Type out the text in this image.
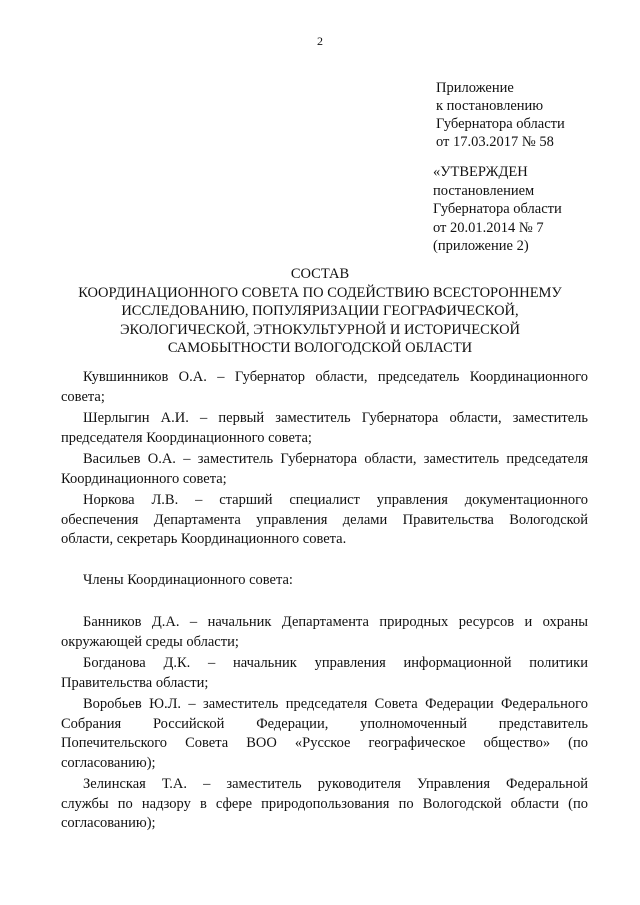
2
Приложение
к постановлению
Губернатора области
от 17.03.2017 № 58
«УТВЕРЖДЕН
постановлением
Губернатора области
от 20.01.2014 № 7
(приложение 2)
СОСТАВ
КООРДИНАЦИОННОГО СОВЕТА ПО СОДЕЙСТВИЮ ВСЕСТОРОННЕМУ
ИССЛЕДОВАНИЮ, ПОПУЛЯРИЗАЦИИ ГЕОГРАФИЧЕСКОЙ,
ЭКОЛОГИЧЕСКОЙ, ЭТНОКУЛЬТУРНОЙ И ИСТОРИЧЕСКОЙ
САМОБЫТНОСТИ ВОЛОГОДСКОЙ ОБЛАСТИ
Кувшинников О.А. – Губернатор области, председатель Координационного
совета;
Шерлыгин А.И. – первый заместитель Губернатора области, заместитель
председателя Координационного совета;
Васильев О.А. – заместитель Губернатора области, заместитель председателя
Координационного совета;
Норкова Л.В. – старший специалист управления документационного
обеспечения Департамента управления делами Правительства Вологодской
области, секретарь Координационного совета.
Члены Координационного совета:
Банников Д.А. – начальник Департамента природных ресурсов и охраны
окружающей среды области;
Богданова Д.К. – начальник управления информационной политики
Правительства области;
Воробьев Ю.Л. – заместитель председателя Совета Федерации Федерального
Собрания Российской Федерации, уполномоченный представитель
Попечительского Совета ВОО «Русское географическое общество» (по
согласованию);
Зелинская Т.А. – заместитель руководителя Управления Федеральной
службы по надзору в сфере природопользования по Вологодской области (по
согласованию);
